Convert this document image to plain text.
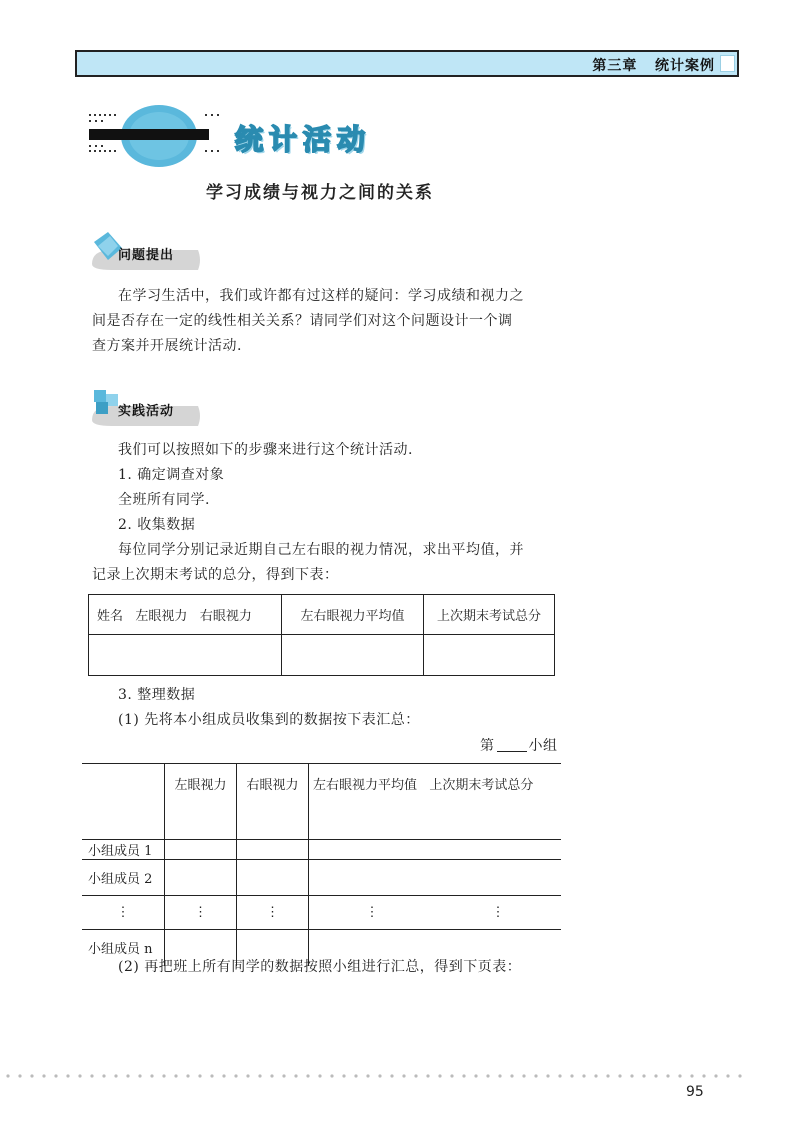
第三章 统计案例
统计活动
学习成绩与视力之间的关系
问题提出
在学习生活中，我们或许都有过这样的疑问：学习成绩和视力之
间是否存在一定的线性相关关系？请同学们对这个问题设计一个调
查方案并开展统计活动.
实践活动
我们可以按照如下的步骤来进行这个统计活动.
1. 确定调查对象
全班所有同学.
2. 收集数据
每位同学分别记录近期自己左右眼的视力情况，求出平均值，并
记录上次期末考试的总分，得到下表：
姓名 左眼视力 右眼视力	左右眼视力平均值	上次期末考试总分

3. 整理数据
(1) 先将本小组成员收集到的数据按下表汇总：
第 小组
	左眼视力	右眼视力	左右眼视力平均值 上次期末考试总分	
小组成员 1				
小组成员 2				
⋮	⋮	⋮	⋮	⋮
小组成员 n				
(2) 再把班上所有同学的数据按照小组进行汇总，得到下页表：
95
